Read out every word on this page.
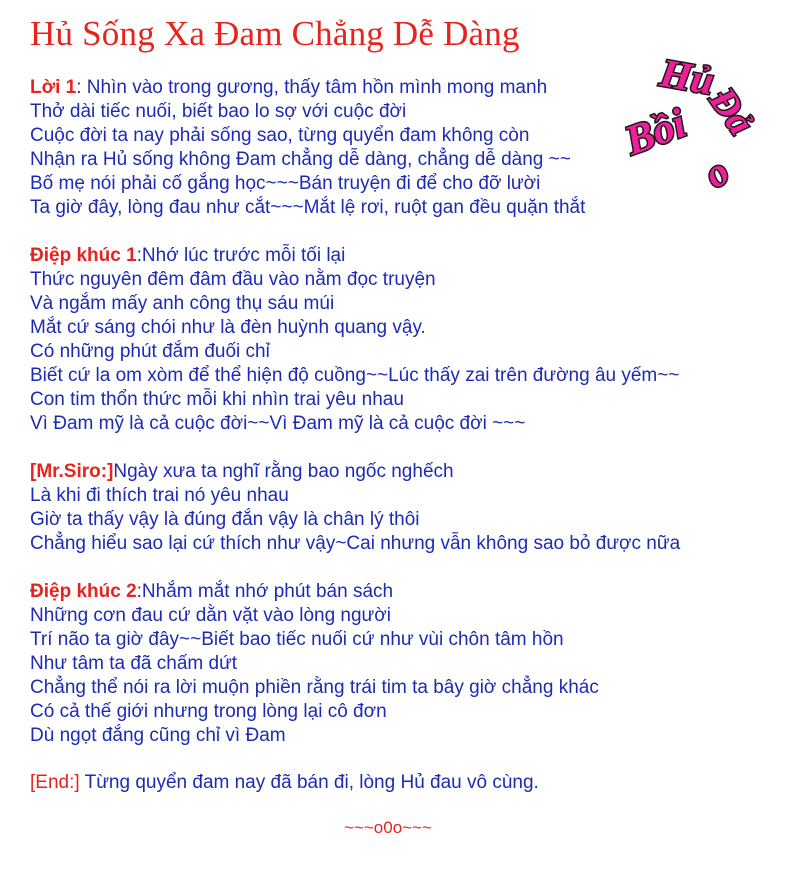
Hủ Sống Xa Đam Chẳng Dễ Dàng
Bồi
Hủ
Đả
o
Lời 1: Nhìn vào trong gương, thấy tâm hồn mình mong manh
Thở dài tiếc nuối, biết bao lo sợ với cuộc đời
Cuộc đời ta nay phải sống sao, từng quyển đam không còn
Nhận ra Hủ sống không Đam chẳng dễ dàng, chẳng dễ dàng ~~
Bố mẹ nói phải cố gắng học~~~Bán truyện đi để cho đỡ lười
Ta giờ đây, lòng đau như cắt~~~Mắt lệ rơi, ruột gan đều quặn thắt
Điệp khúc 1:Nhớ lúc trước mỗi tối lại
Thức nguyên đêm đâm đầu vào nằm đọc truyện
Và ngắm mấy anh công thụ sáu múi
Mắt cứ sáng chói như là đèn huỳnh quang vậy.
Có những phút đắm đuối chỉ
Biết cứ la om xòm để thể hiện độ cuồng~~Lúc thấy zai trên đường âu yếm~~
Con tim thổn thức mỗi khi nhìn trai yêu nhau
Vì Đam mỹ là cả cuộc đời~~Vì Đam mỹ là cả cuộc đời ~~~
[Mr.Siro:]Ngày xưa ta nghĩ rằng bao ngốc nghếch
Là khi đi thích trai nó yêu nhau
Giờ ta thấy vậy là đúng đắn vậy là chân lý thôi
Chẳng hiểu sao lại cứ thích như vậy~Cai nhưng vẫn không sao bỏ được nữa
Điệp khúc 2:Nhắm mắt nhớ phút bán sách
Những cơn đau cứ dằn vặt vào lòng người
Trí não ta giờ đây~~Biết bao tiếc nuối cứ như vùi chôn tâm hồn
Như tâm ta đã chấm dứt
Chẳng thể nói ra lời muộn phiền rằng trái tim ta bây giờ chẳng khác
Có cả thế giới nhưng trong lòng lại cô đơn
Dù ngọt đắng cũng chỉ vì Đam
[End:] Từng quyển đam nay đã bán đi, lòng Hủ đau vô cùng.
~~~o0o~~~
